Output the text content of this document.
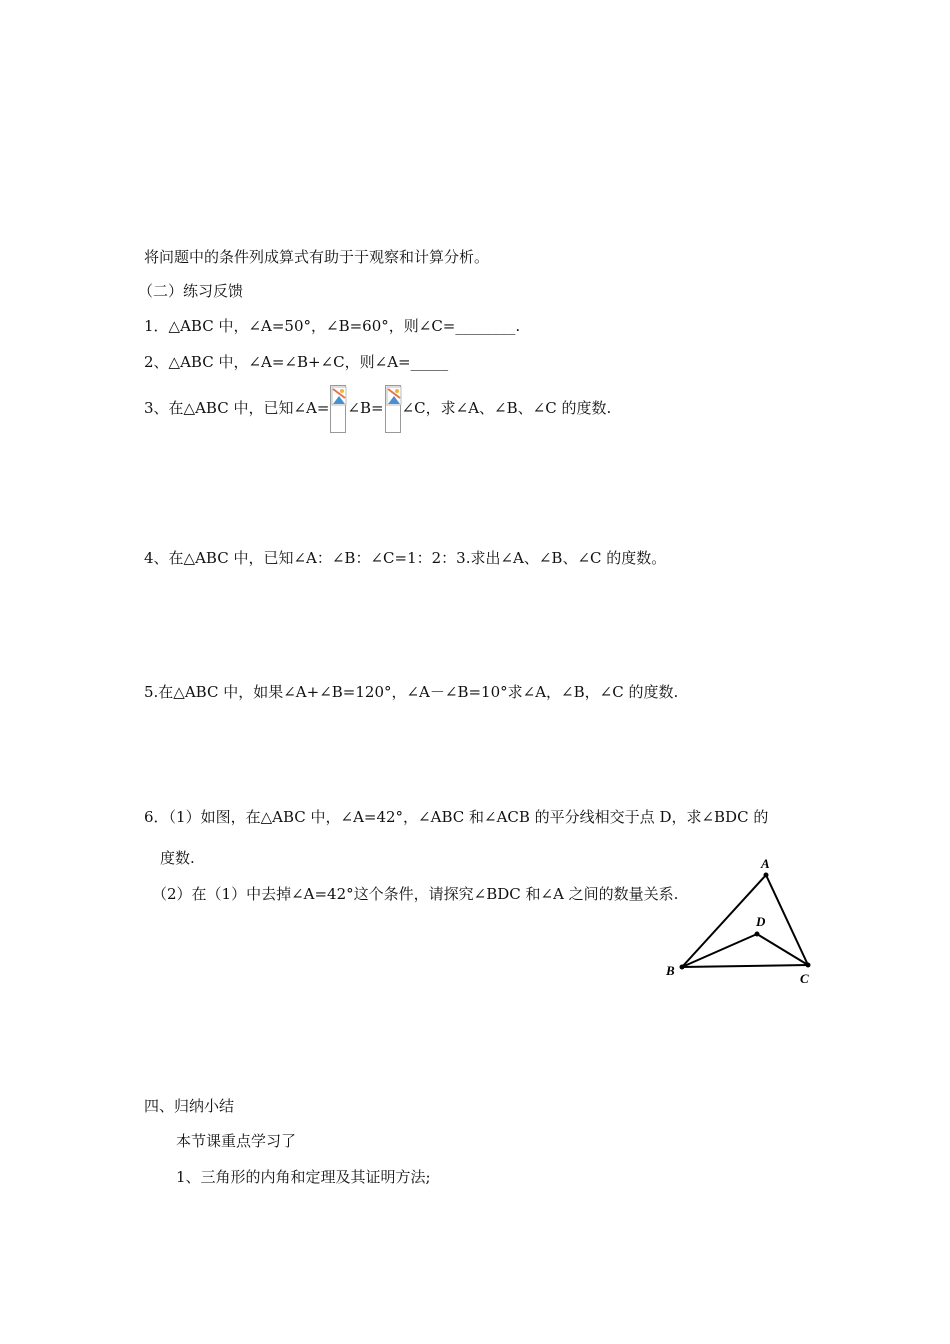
将问题中的条件列成算式有助于于观察和计算分析。
（二）练习反馈
1．△ABC 中，∠A=50°，∠B=60°，则∠C=________.
2、△ABC 中，∠A=∠B+∠C，则∠A=_____
3、在△ABC 中，已知∠A= ∠B= ∠C，求∠A、∠B、∠C 的度数.
4、在△ABC 中，已知∠A：∠B：∠C=1：2：3.求出∠A、∠B、∠C 的度数。
5.在△ABC 中，如果∠A+∠B=120°，∠A－∠B=10°求∠A，∠B，∠C 的度数.
6．（1）如图，在△ABC 中，∠A=42°，∠ABC 和∠ACB 的平分线相交于点 D，求∠BDC 的
度数.
（2）在（1）中去掉∠A=42°这个条件，请探究∠BDC 和∠A 之间的数量关系.
A
B
C
D
四、归纳小结
本节课重点学习了
1、三角形的内角和定理及其证明方法;
